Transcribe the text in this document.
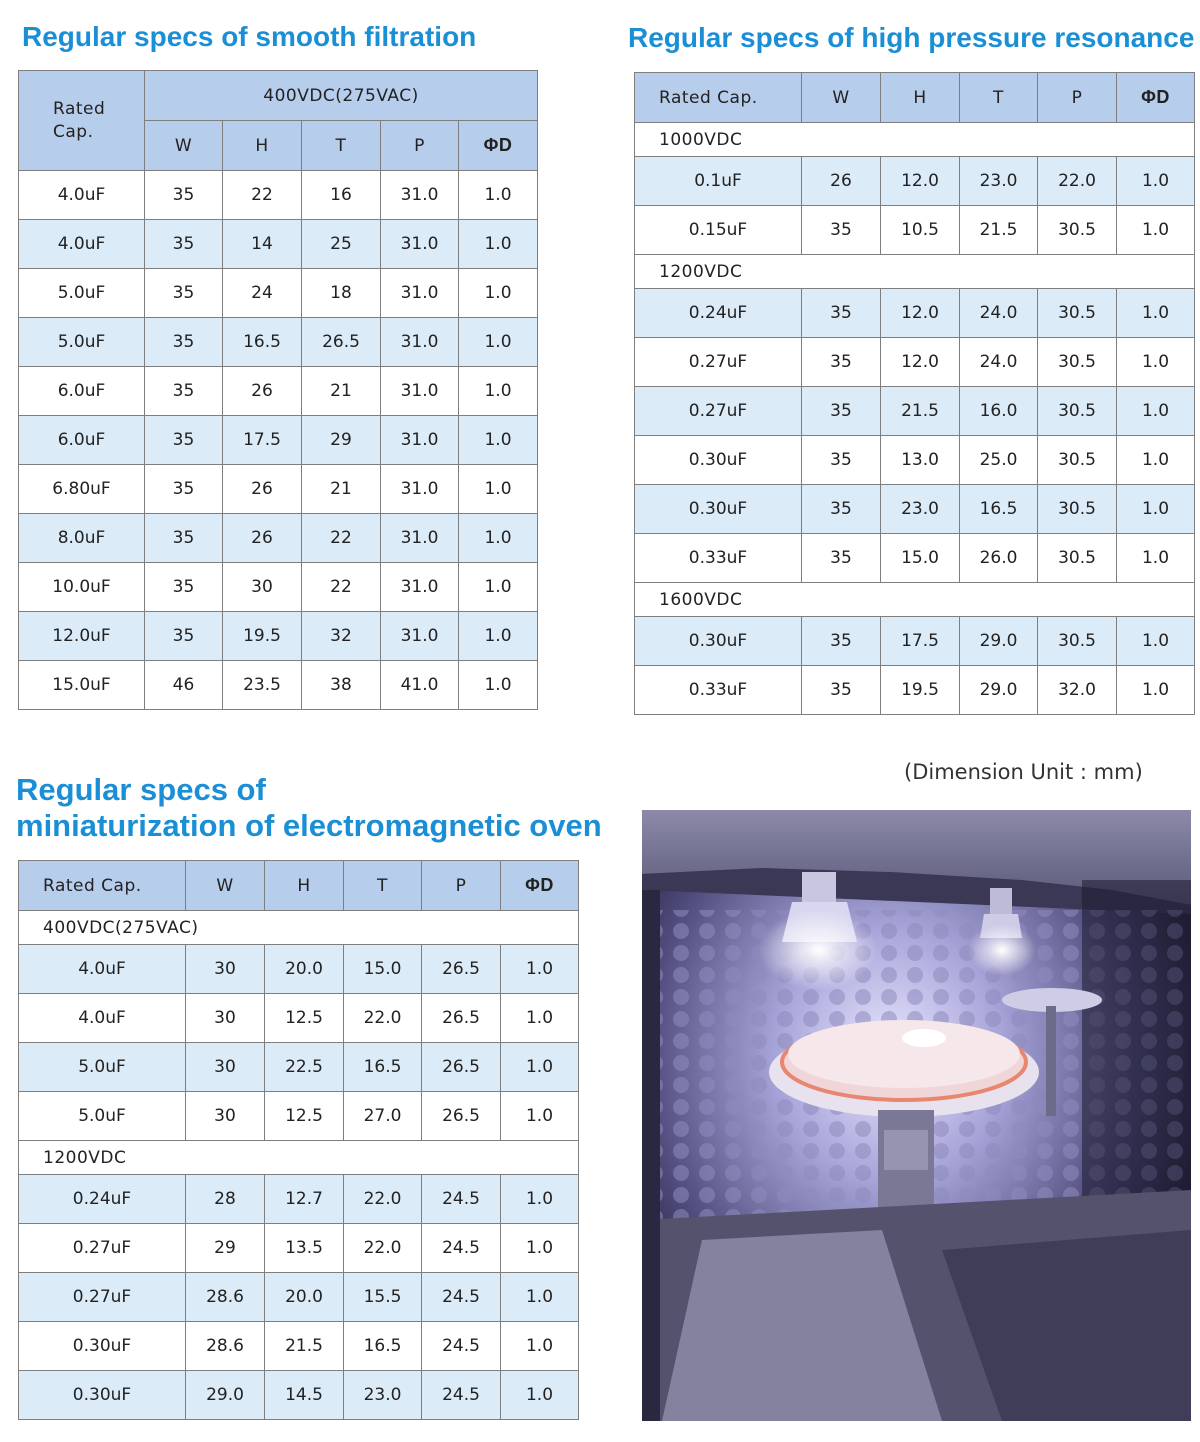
Regular specs of smooth filtration
Rated
Cap.	400VDC(275VAC)				
	W	H	T	P	ΦD
4.0uF	35	22	16	31.0	1.0
4.0uF	35	14	25	31.0	1.0
5.0uF	35	24	18	31.0	1.0
5.0uF	35	16.5	26.5	31.0	1.0
6.0uF	35	26	21	31.0	1.0
6.0uF	35	17.5	29	31.0	1.0
6.80uF	35	26	21	31.0	1.0
8.0uF	35	26	22	31.0	1.0
10.0uF	35	30	22	31.0	1.0
12.0uF	35	19.5	32	31.0	1.0
15.0uF	46	23.5	38	41.0	1.0
Regular specs of high pressure resonance
Rated Cap.	W	H	T	P	ΦD
1000VDC					
0.1uF	26	12.0	23.0	22.0	1.0
0.15uF	35	10.5	21.5	30.5	1.0
1200VDC					
0.24uF	35	12.0	24.0	30.5	1.0
0.27uF	35	12.0	24.0	30.5	1.0
0.27uF	35	21.5	16.0	30.5	1.0
0.30uF	35	13.0	25.0	30.5	1.0
0.30uF	35	23.0	16.5	30.5	1.0
0.33uF	35	15.0	26.0	30.5	1.0
1600VDC					
0.30uF	35	17.5	29.0	30.5	1.0
0.33uF	35	19.5	29.0	32.0	1.0
Regular specs of
miniaturization of electromagnetic oven
Rated Cap.	W	H	T	P	ΦD
400VDC(275VAC)					
4.0uF	30	20.0	15.0	26.5	1.0
4.0uF	30	12.5	22.0	26.5	1.0
5.0uF	30	22.5	16.5	26.5	1.0
5.0uF	30	12.5	27.0	26.5	1.0
1200VDC					
0.24uF	28	12.7	22.0	24.5	1.0
0.27uF	29	13.5	22.0	24.5	1.0
0.27uF	28.6	20.0	15.5	24.5	1.0
0.30uF	28.6	21.5	16.5	24.5	1.0
0.30uF	29.0	14.5	23.0	24.5	1.0
(Dimension Unit : mm)
